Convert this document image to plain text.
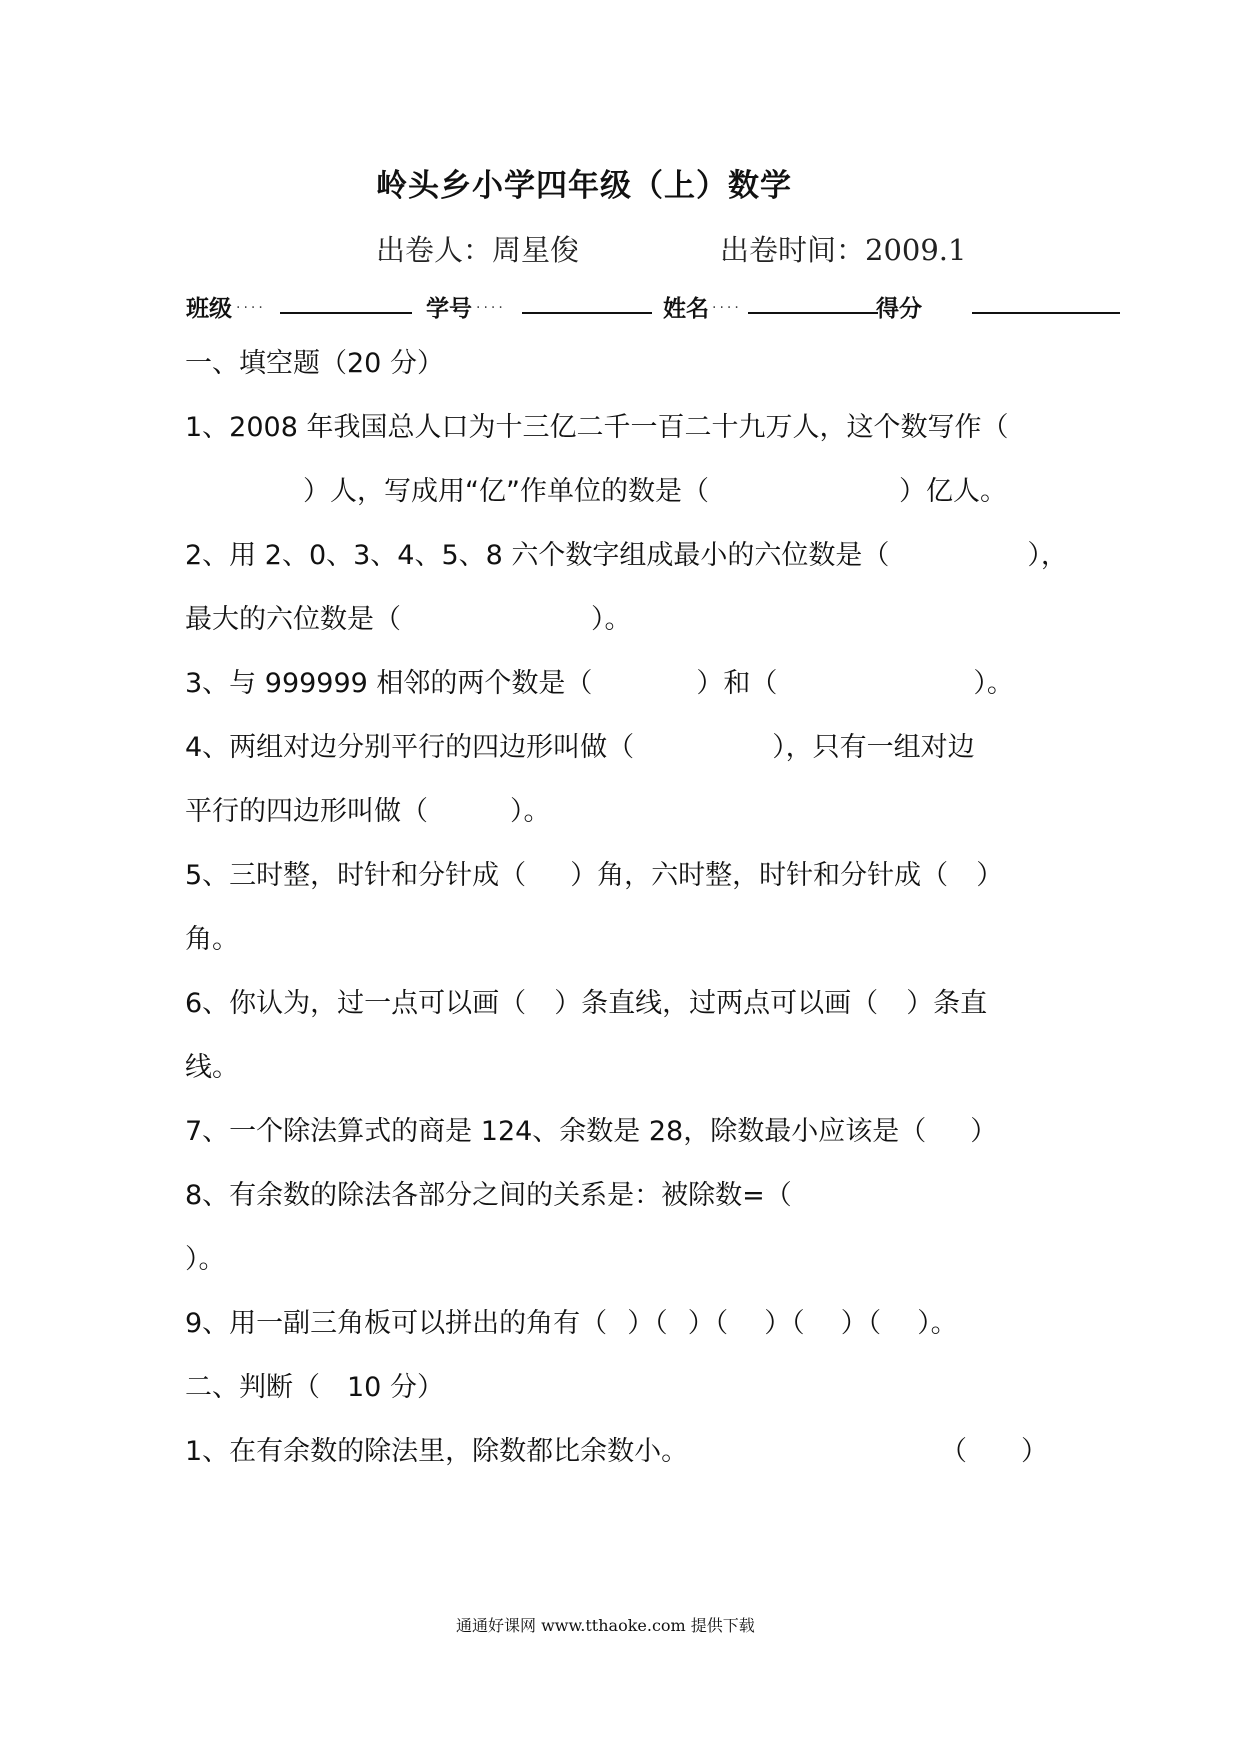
岭头乡小学四年级（上）数学
出卷人：周星俊	出卷时间：2009.1
班级 ....	学号 ....	姓名 ....	得分
一、填空题（20 分）
1、2008 年我国总人口为十三亿二千一百二十九万人，这个数写作（
）人，写成用“亿”作单位的数是（	）亿人。
2、用 2、0、3、4、5、8 六个数字组成最小的六位数是（	），
最大的六位数是（	）。
3、与 999999 相邻的两个数是（	）和（	）。
4、两组对边分别平行的四边形叫做（	），只有一组对边
平行的四边形叫做（	）。
5、三时整，时针和分针成（ ）角，六时整，时针和分针成（ ）
角。
6、你认为，过一点可以画（ ）条直线，过两点可以画（ ）条直
线。
7、一个除法算式的商是 124、余数是 28，除数最小应该是（ ）
8、有余数的除法各部分之间的关系是：被除数=（
）。
9、用一副三角板可以拼出的角有（ ）（ ）（ ）（ ）（ ）。
二、判断（　10 分）
1、在有余数的除法里，除数都比余数小。	（　　）
通通好课网 www.tthaoke.com 提供下载
